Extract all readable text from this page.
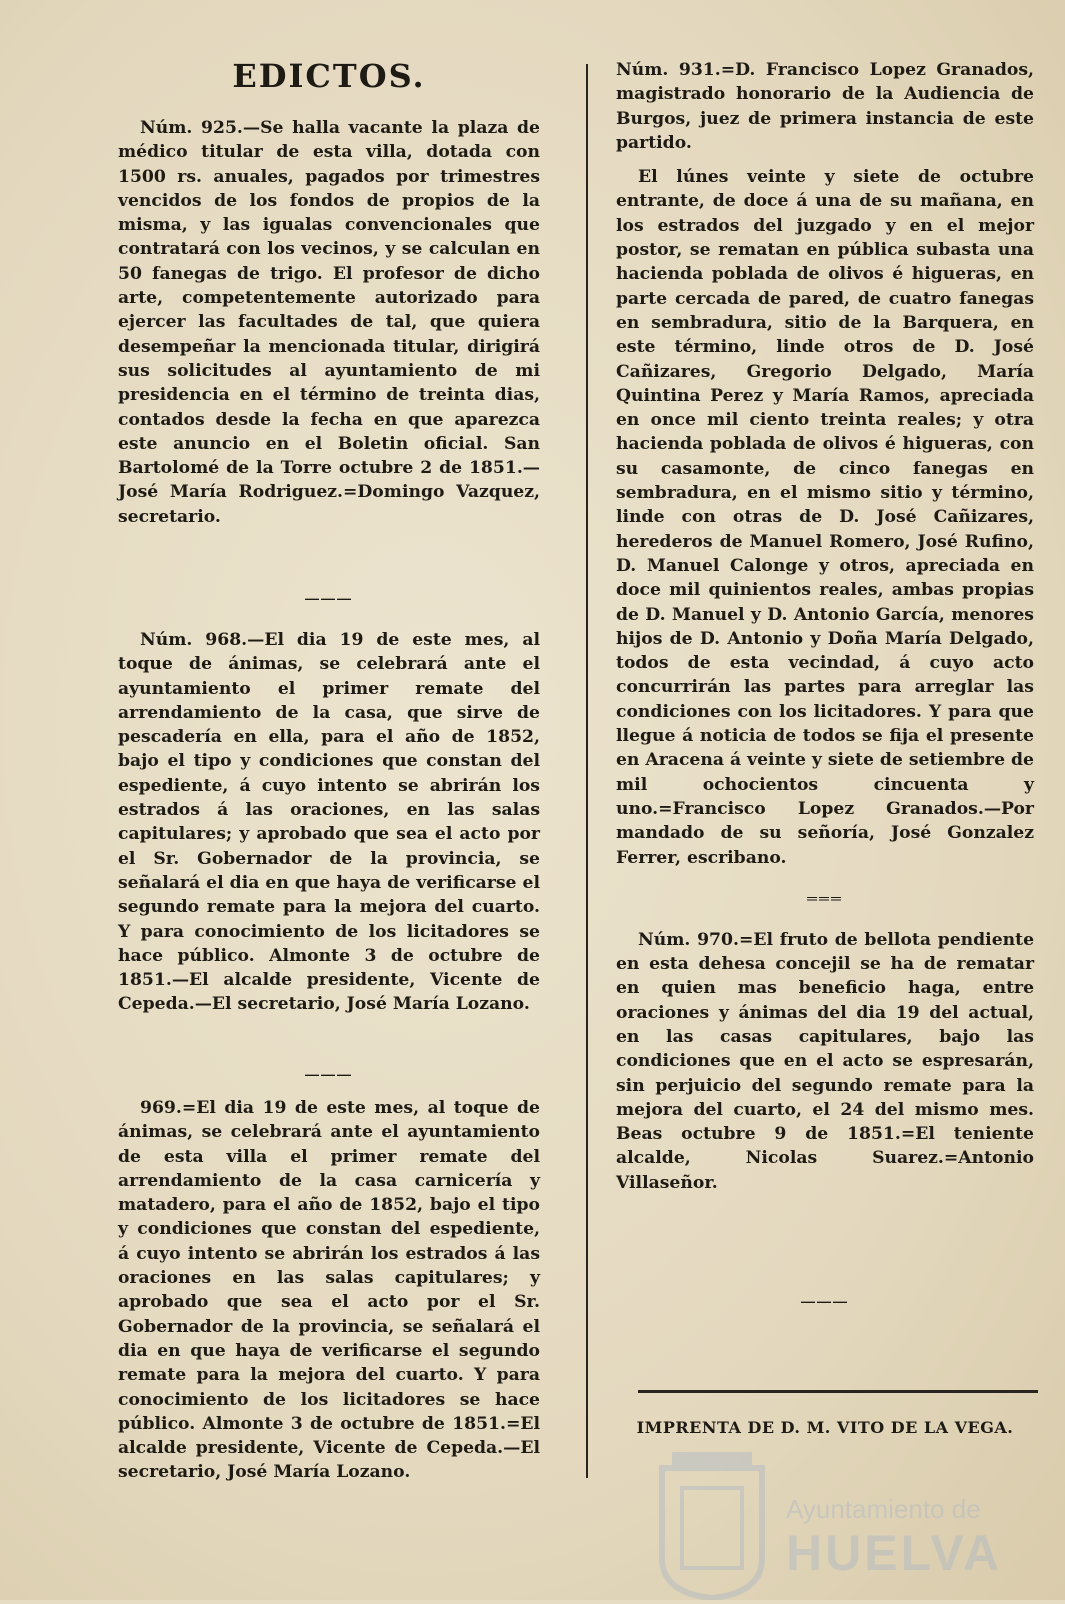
EDICTOS.

Núm. 925.—Se halla vacante la plaza de médico titular de esta villa, dotada con 1500 rs. anuales, pagados por trimestres vencidos de los fondos de propios de la misma, y las igualas convencionales que contratará con los vecinos, y se calculan en 50 fanegas de trigo. El profesor de dicho arte, competentemente autorizado para ejercer las facultades de tal, que quiera desempeñar la mencionada titular, dirigirá sus solicitudes al ayuntamiento de mi presidencia en el término de treinta dias, contados desde la fecha en que aparezca este anuncio en el Boletin oficial. San Bartolomé de la Torre octubre 2 de 1851.—José María Rodriguez.=Domingo Vazquez, secretario.

———

Núm. 968.—El dia 19 de este mes, al toque de ánimas, se celebrará ante el ayuntamiento el primer remate del arrendamiento de la casa, que sirve de pescadería en ella, para el año de 1852, bajo el tipo y condiciones que constan del espediente, á cuyo intento se abrirán los estrados á las oraciones, en las salas capitulares; y aprobado que sea el acto por el Sr. Gobernador de la provincia, se señalará el dia en que haya de verificarse el segundo remate para la mejora del cuarto. Y para conocimiento de los licitadores se hace público. Almonte 3 de octubre de 1851.—El alcalde presidente, Vicente de Cepeda.—El secretario, José María Lozano.

———

969.=El dia 19 de este mes, al toque de ánimas, se celebrará ante el ayuntamiento de esta villa el primer remate del arrendamiento de la casa carnicería y matadero, para el año de 1852, bajo el tipo y condiciones que constan del espediente, á cuyo intento se abrirán los estrados á las oraciones en las salas capitulares; y aprobado que sea el acto por el Sr. Gobernador de la provincia, se señalará el dia en que haya de verificarse el segundo remate para la mejora del cuarto. Y para conocimiento de los licitadores se hace público. Almonte 3 de octubre de 1851.=El alcalde presidente, Vicente de Cepeda.—El secretario, José María Lozano.

Núm. 931.=D. Francisco Lopez Granados, magistrado honorario de la Audiencia de Burgos, juez de primera instancia de este partido.

El lúnes veinte y siete de octubre entrante, de doce á una de su mañana, en los estrados del juzgado y en el mejor postor, se rematan en pública subasta una hacienda poblada de olivos é higueras, en parte cercada de pared, de cuatro fanegas en sembradura, sitio de la Barquera, en este término, linde otros de D. José Cañizares, Gregorio Delgado, María Quintina Perez y María Ramos, apreciada en once mil ciento treinta reales; y otra hacienda poblada de olivos é higueras, con su casamonte, de cinco fanegas en sembradura, en el mismo sitio y término, linde con otras de D. José Cañizares, herederos de Manuel Romero, José Rufino, D. Manuel Calonge y otros, apreciada en doce mil quinientos reales, ambas propias de D. Manuel y D. Antonio García, menores hijos de D. Antonio y Doña María Delgado, todos de esta vecindad, á cuyo acto concurrirán las partes para arreglar las condiciones con los licitadores. Y para que llegue á noticia de todos se fija el presente en Aracena á veinte y siete de setiembre de mil ochocientos cincuenta y uno.=Francisco Lopez Granados.—Por mandado de su señoría, José Gonzalez Ferrer, escribano.

═══

Núm. 970.=El fruto de bellota pendiente en esta dehesa concejil se ha de rematar en quien mas beneficio haga, entre oraciones y ánimas del dia 19 del actual, en las casas capitulares, bajo las condiciones que en el acto se espresarán, sin perjuicio del segundo remate para la mejora del cuarto, el 24 del mismo mes. Beas octubre 9 de 1851.=El teniente alcalde, Nicolas Suarez.=Antonio Villaseñor.

———
IMPRENTA DE D. M. VITO DE LA VEGA.
Ayuntamiento de
HUELVA
